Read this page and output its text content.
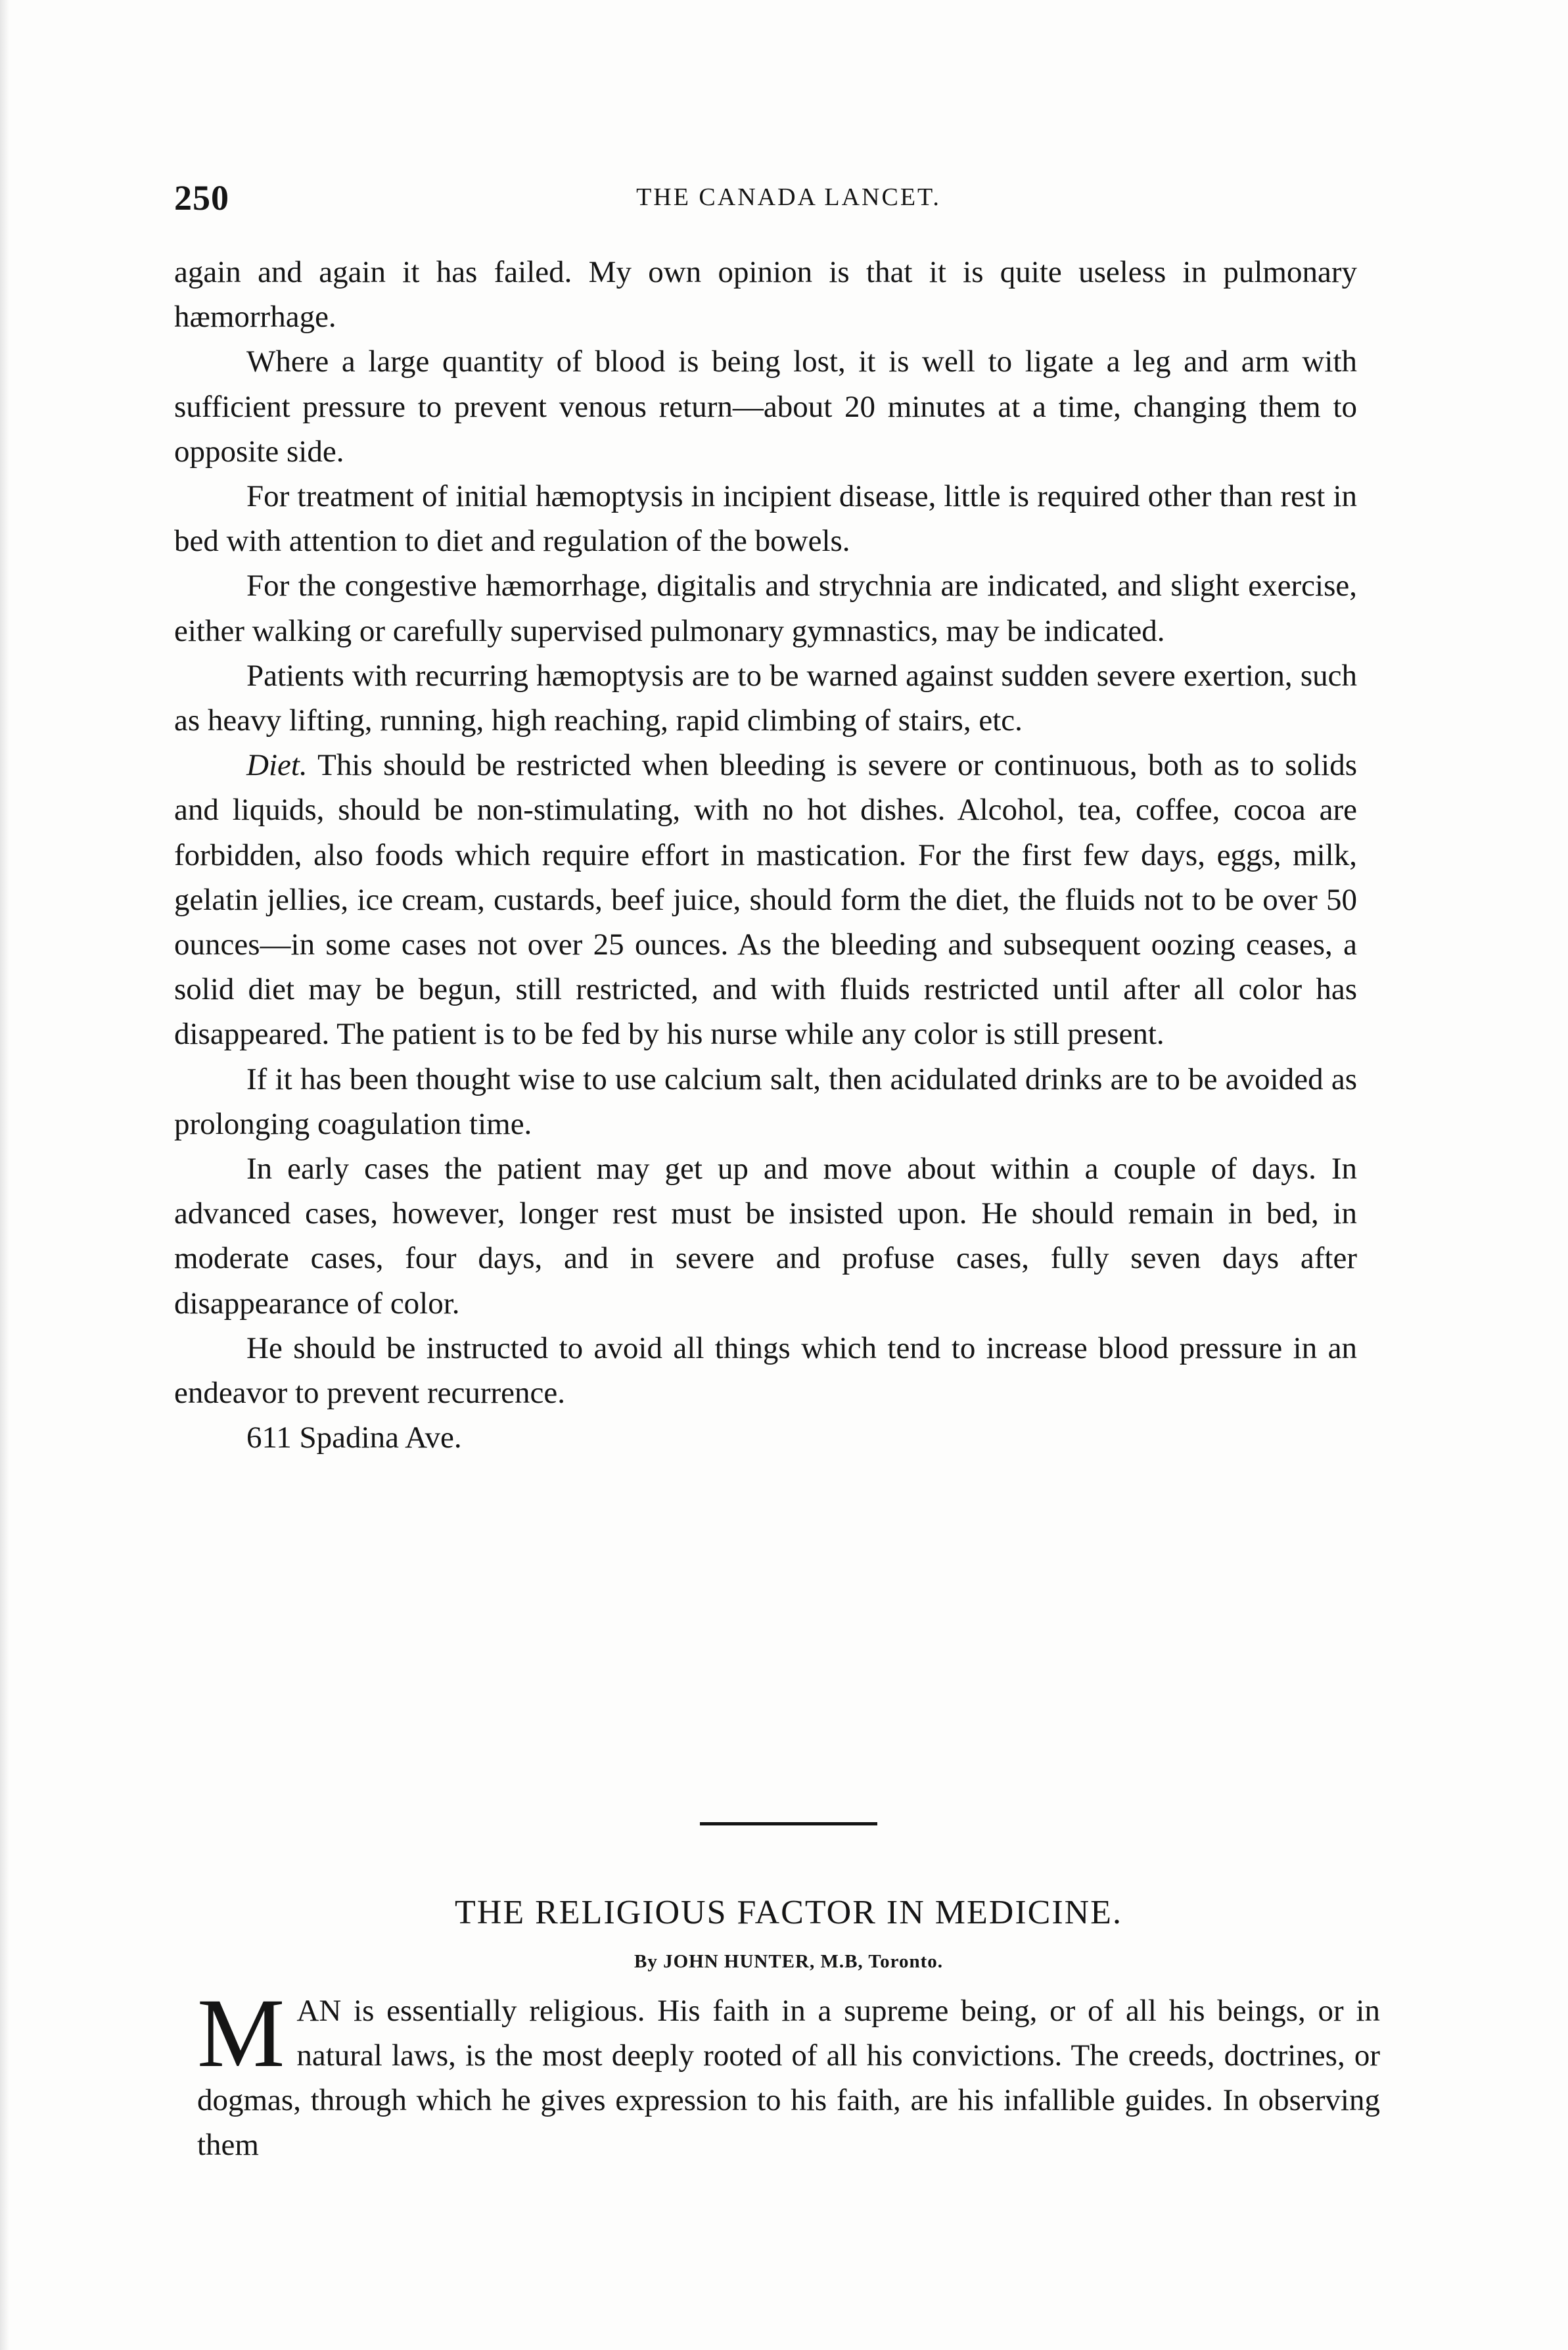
250	THE CANADA LANCET.

again and again it has failed. My own opinion is that it is quite useless in pulmonary hæmorrhage.

Where a large quantity of blood is being lost, it is well to ligate a leg and arm with sufficient pressure to prevent venous return—about 20 minutes at a time, changing them to opposite side.

For treatment of initial hæmoptysis in incipient disease, little is required other than rest in bed with attention to diet and regulation of the bowels.

For the congestive hæmorrhage, digitalis and strychnia are indicated, and slight exercise, either walking or carefully supervised pulmonary gymnastics, may be indicated.

Patients with recurring hæmoptysis are to be warned against sudden severe exertion, such as heavy lifting, running, high reaching, rapid climbing of stairs, etc.

Diet. This should be restricted when bleeding is severe or continuous, both as to solids and liquids, should be non-stimulating, with no hot dishes. Alcohol, tea, coffee, cocoa are forbidden, also foods which require effort in mastication. For the first few days, eggs, milk, gelatin jellies, ice cream, custards, beef juice, should form the diet, the fluids not to be over 50 ounces—in some cases not over 25 ounces. As the bleeding and subsequent oozing ceases, a solid diet may be begun, still restricted, and with fluids restricted until after all color has disappeared. The patient is to be fed by his nurse while any color is still present.

If it has been thought wise to use calcium salt, then acidulated drinks are to be avoided as prolonging coagulation time.

In early cases the patient may get up and move about within a couple of days. In advanced cases, however, longer rest must be insisted upon. He should remain in bed, in moderate cases, four days, and in severe and profuse cases, fully seven days after disappearance of color.

He should be instructed to avoid all things which tend to increase blood pressure in an endeavor to prevent recurrence.

611 Spadina Ave.

THE RELIGIOUS FACTOR IN MEDICINE.
By JOHN HUNTER, M.B, Toronto.
M AN is essentially religious. His faith in a supreme being, or of all his beings, or in natural laws, is the most deeply rooted of all his convictions. The creeds, doctrines, or dogmas, through which he gives expression to his faith, are his infallible guides. In observing them
